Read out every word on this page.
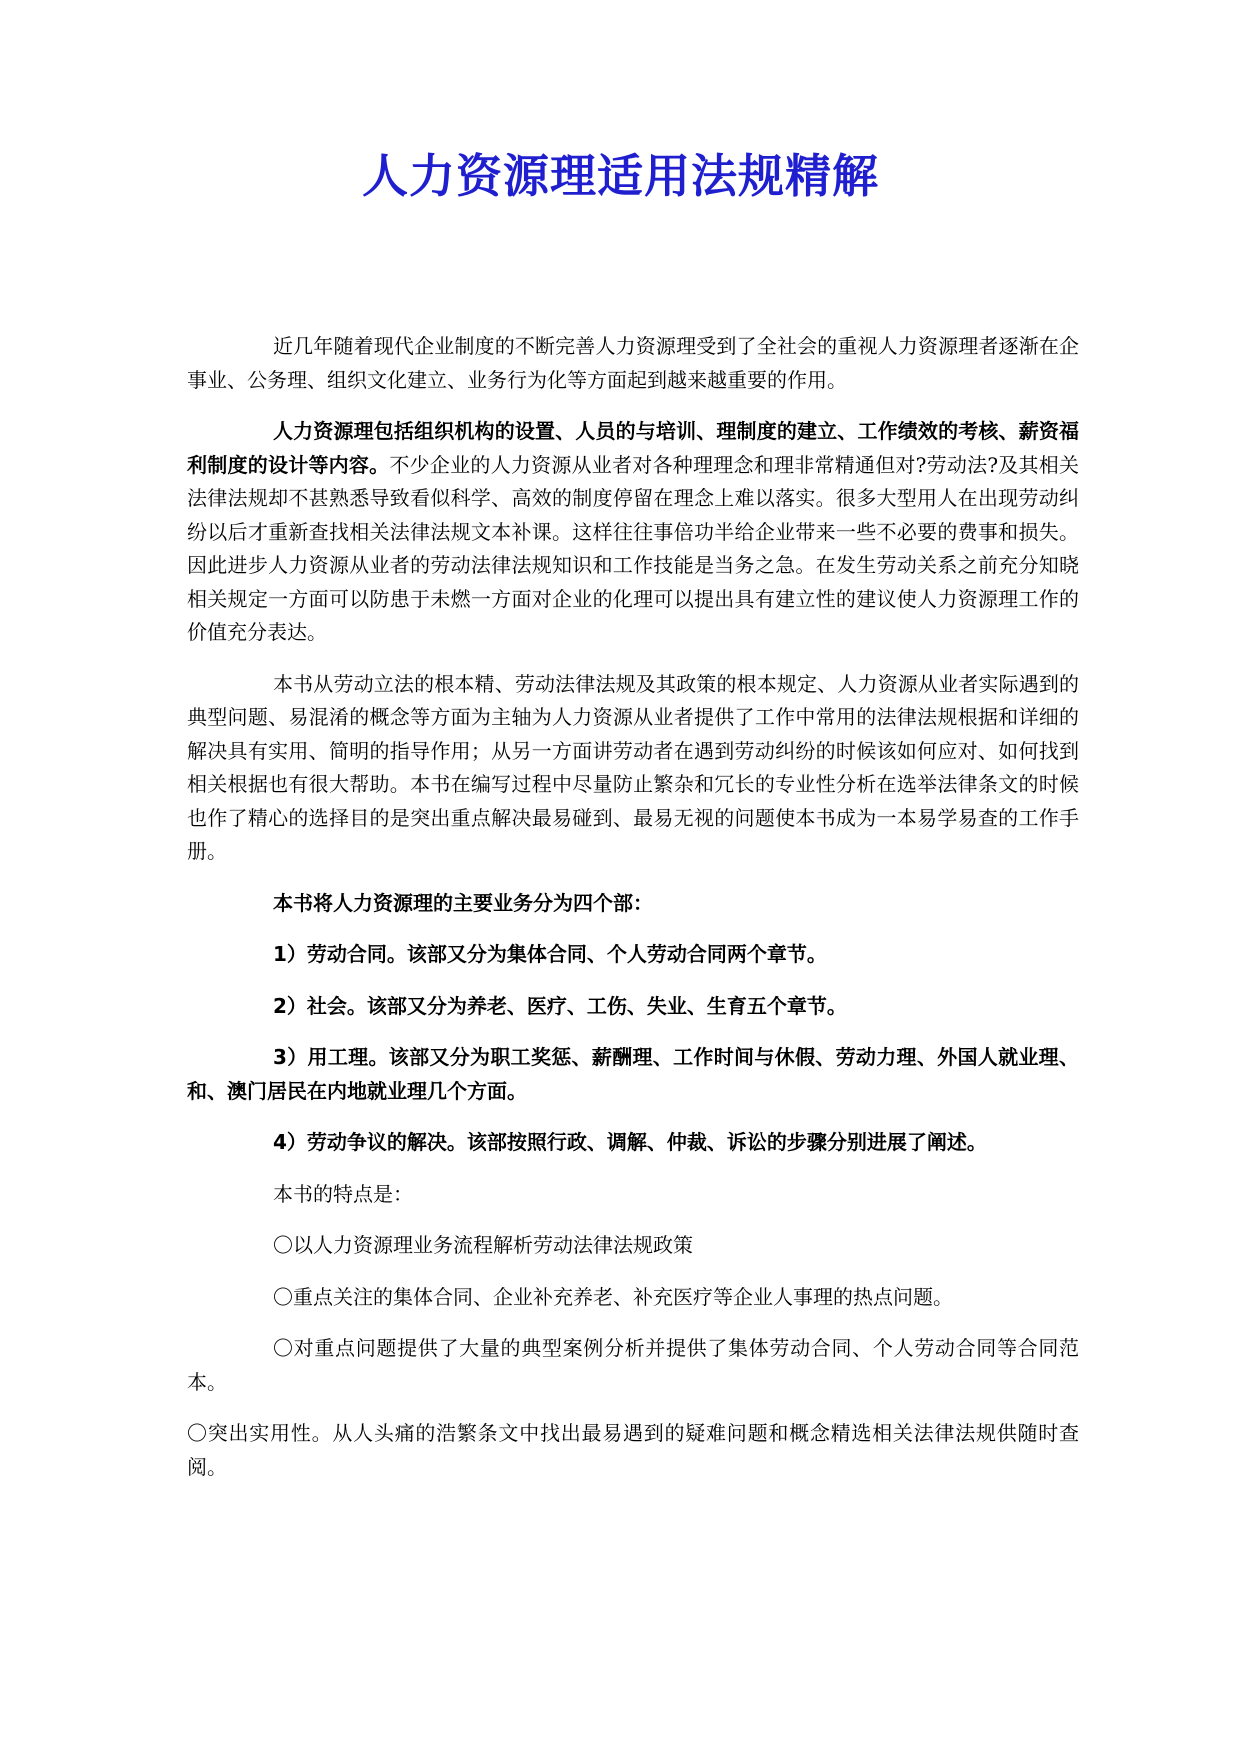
人力资源理适用法规精解

近几年随着现代企业制度的不断完善人力资源理受到了全社会的重视人力资源理者逐渐在企事业、公务理、组织文化建立、业务行为化等方面起到越来越重要的作用。

人力资源理包括组织机构的设置、人员的与培训、理制度的建立、工作绩效的考核、薪资福利制度的设计等内容。不少企业的人力资源从业者对各种理理念和理非常精通但对?劳动法?及其相关法律法规却不甚熟悉导致看似科学、高效的制度停留在理念上难以落实。很多大型用人在出现劳动纠纷以后才重新查找相关法律法规文本补课。这样往往事倍功半给企业带来一些不必要的费事和损失。因此进步人力资源从业者的劳动法律法规知识和工作技能是当务之急。在发生劳动关系之前充分知晓相关规定一方面可以防患于未燃一方面对企业的化理可以提出具有建立性的建议使人力资源理工作的价值充分表达。

本书从劳动立法的根本精、劳动法律法规及其政策的根本规定、人力资源从业者实际遇到的典型问题、易混淆的概念等方面为主轴为人力资源从业者提供了工作中常用的法律法规根据和详细的解决具有实用、简明的指导作用；从另一方面讲劳动者在遇到劳动纠纷的时候该如何应对、如何找到相关根据也有很大帮助。本书在编写过程中尽量防止繁杂和冗长的专业性分析在选举法律条文的时候也作了精心的选择目的是突出重点解决最易碰到、最易无视的问题使本书成为一本易学易查的工作手册。

本书将人力资源理的主要业务分为四个部：

1）劳动合同。该部又分为集体合同、个人劳动合同两个章节。

2）社会。该部又分为养老、医疗、工伤、失业、生育五个章节。

3）用工理。该部又分为职工奖惩、薪酬理、工作时间与休假、劳动力理、外国人就业理、和、澳门居民在内地就业理几个方面。

4）劳动争议的解决。该部按照行政、调解、仲裁、诉讼的步骤分别进展了阐述。

本书的特点是：

〇以人力资源理业务流程解析劳动法律法规政策

〇重点关注的集体合同、企业补充养老、补充医疗等企业人事理的热点问题。

〇对重点问题提供了大量的典型案例分析并提供了集体劳动合同、个人劳动合同等合同范本。

〇突出实用性。从人头痛的浩繁条文中找出最易遇到的疑难问题和概念精选相关法律法规供随时查阅。
